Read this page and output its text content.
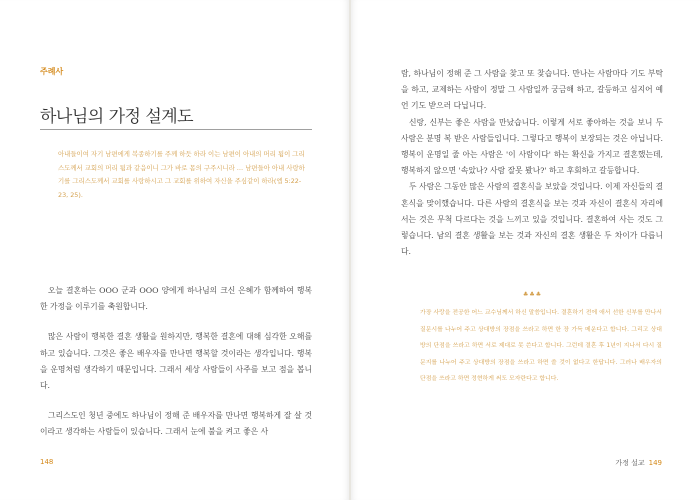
주례사
하나님의 가정 설계도

아내들이여 자기 남편에게 복종하기를 주께 하듯 하라 이는 남편이 아내의 머리 됨이 그리스도께서 교회의 머리 됨과 같음이니 그가 바로 몸의 구주시니라 … 남편들아 아내 사랑하기를 그리스도께서 교회를 사랑하시고 그 교회를 위하여 자신을 주심같이 하라(엡 5:22-23, 25).

오늘 결혼하는 OOO 군과 OOO 양에게 하나님의 크신 은혜가 함께하여 행복한 가정을 이루기를 축원합니다.

많은 사람이 행복한 결혼 생활을 원하지만, 행복한 결혼에 대해 심각한 오해를 하고 있습니다. 그것은 좋은 배우자를 만나면 행복할 것이라는 생각입니다. 행복을 운명처럼 생각하기 때문입니다. 그래서 세상 사람들이 사주를 보고 점을 봅니다.

그리스도인 청년 중에도 하나님이 정해 준 배우자를 만나면 행복하게 잘 살 것이라고 생각하는 사람들이 있습니다. 그래서 눈에 불을 켜고 좋은 사

148

람, 하나님이 정해 준 그 사람을 찾고 또 찾습니다. 만나는 사람마다 기도 부탁을 하고, 교제하는 사람이 정말 그 사람일까 궁금해 하고, 갈등하고 심지어 예언 기도 받으러 다닙니다.

신랑, 신부는 좋은 사람을 만났습니다. 이렇게 서로 좋아하는 것을 보니 두 사람은 분명 복 받은 사람들입니다. 그렇다고 행복이 보장되는 것은 아닙니다. 행복이 운명일 줄 아는 사람은 '이 사람이다' 하는 확신을 가지고 결혼했는데, 행복하지 않으면 '속았나? 사람 잘못 봤나?' 하고 후회하고 갈등합니다.

두 사람은 그동안 많은 사람의 결혼식을 보았을 것입니다. 이제 자신들의 결혼식을 맞이했습니다. 다른 사람의 결혼식을 보는 것과 자신이 결혼식 자리에 서는 것은 무척 다르다는 것을 느끼고 있을 것입니다. 결혼하여 사는 것도 그렇습니다. 남의 결혼 생활을 보는 것과 자신의 결혼 생활은 두 차이가 다릅니다.

♣♣♣

가장 사랑을 전공한 어느 교수님께서 하신 말씀입니다. 결혼하기 전에 애서 선한 신부를 만나서 질문시를 나누어 주고 상대방의 장점을 쓰라고 하면 한 장 가득 메운다고 합니다. 그리고 상대방의 단점을 쓰라고 하면 서로 제대로 못 쓴다고 합니다. 그런데 결혼 후 1년이 지나서 다시 질문지를 나누어 주고 상대방의 장점을 쓰라고 하면 쓸 것이 없다고 한답니다. 그러나 배우자의 단점을 쓰라고 하면 정현하게 써도 모자란다고 합니다.

가정 설교 149
